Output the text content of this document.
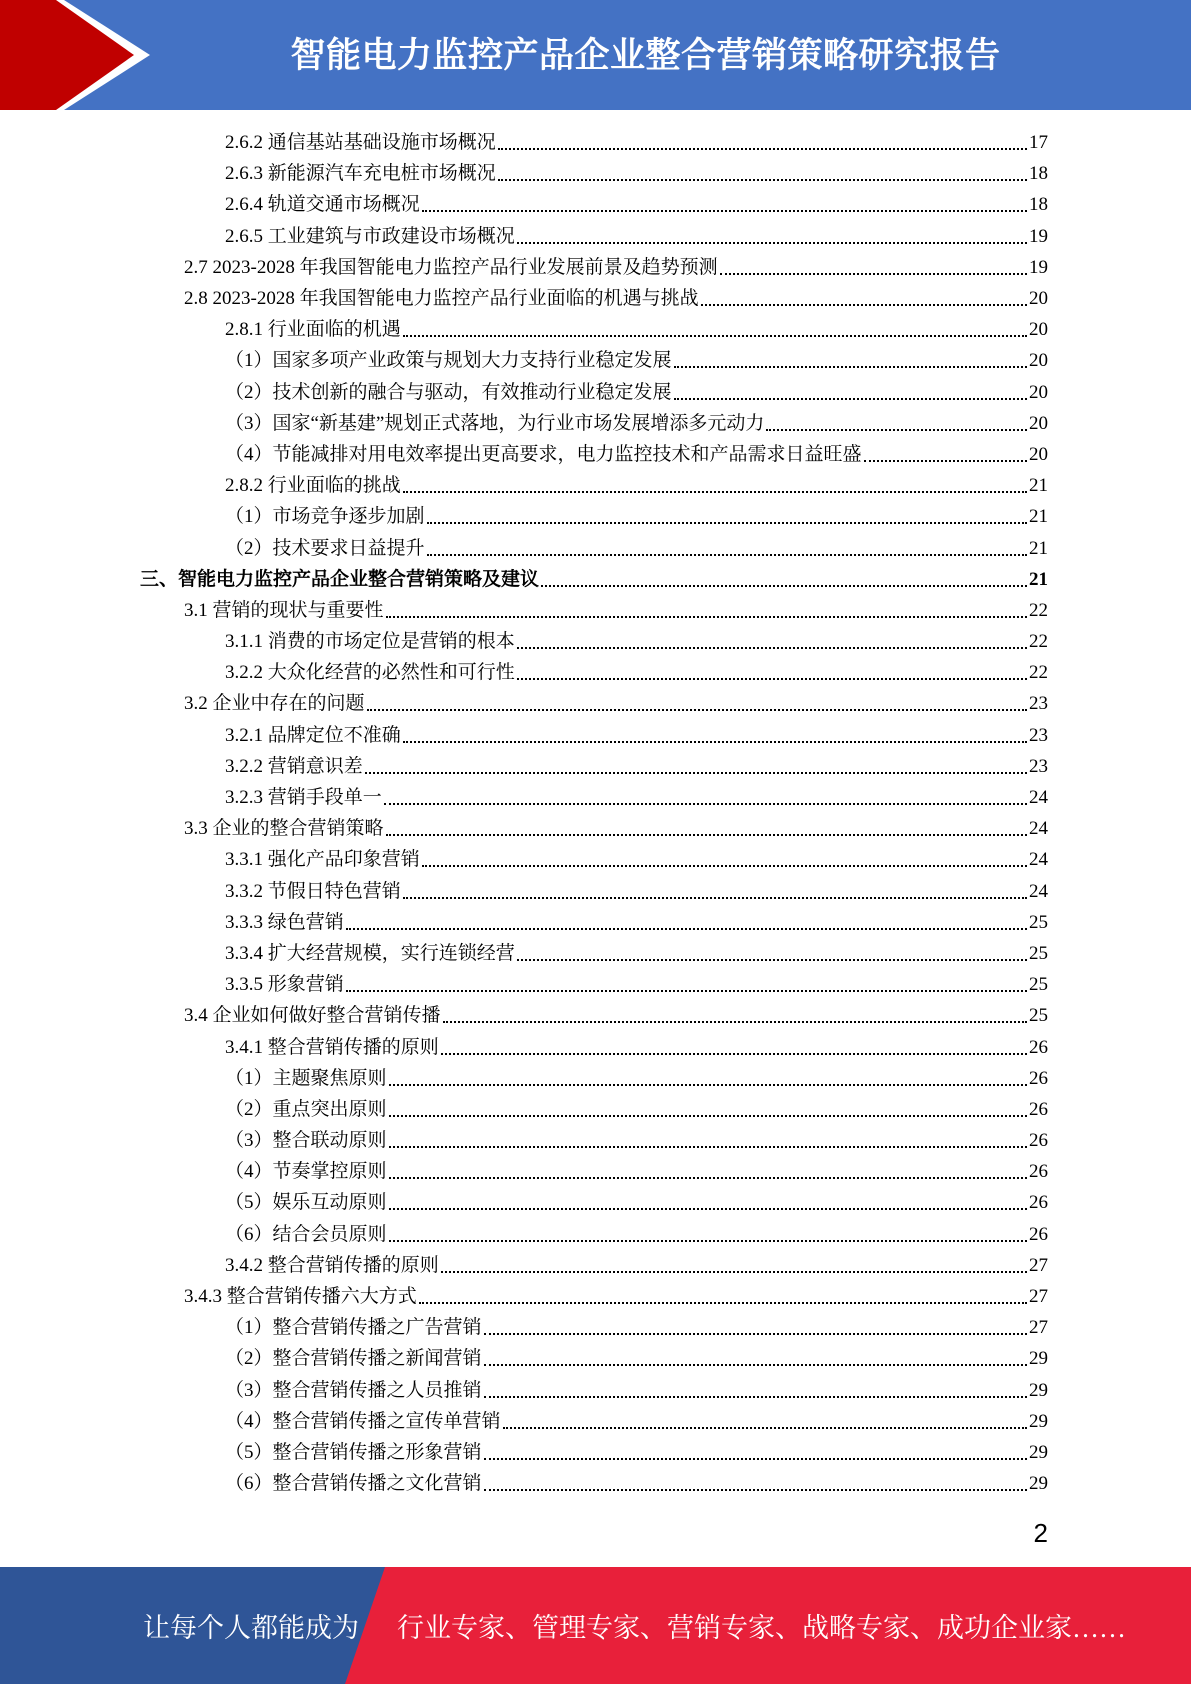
智能电力监控产品企业整合营销策略研究报告
2.6.2 通信基站基础设施市场概况	17
2.6.3 新能源汽车充电桩市场概况	18
2.6.4 轨道交通市场概况	18
2.6.5 工业建筑与市政建设市场概况	19
2.7 2023-2028 年我国智能电力监控产品行业发展前景及趋势预测	19
2.8 2023-2028 年我国智能电力监控产品行业面临的机遇与挑战	20
2.8.1 行业面临的机遇	20
（1）国家多项产业政策与规划大力支持行业稳定发展	20
（2）技术创新的融合与驱动，有效推动行业稳定发展	20
（3）国家“新基建”规划正式落地，为行业市场发展增添多元动力	20
（4）节能减排对用电效率提出更高要求，电力监控技术和产品需求日益旺盛	20
2.8.2 行业面临的挑战	21
（1）市场竞争逐步加剧	21
（2）技术要求日益提升	21
三、智能电力监控产品企业整合营销策略及建议	21
3.1 营销的现状与重要性	22
3.1.1 消费的市场定位是营销的根本	22
3.2.2 大众化经营的必然性和可行性	22
3.2 企业中存在的问题	23
3.2.1 品牌定位不准确	23
3.2.2 营销意识差	23
3.2.3 营销手段单一	24
3.3 企业的整合营销策略	24
3.3.1 强化产品印象营销	24
3.3.2 节假日特色营销	24
3.3.3 绿色营销	25
3.3.4 扩大经营规模，实行连锁经营	25
3.3.5 形象营销	25
3.4 企业如何做好整合营销传播	25
3.4.1 整合营销传播的原则	26
（1）主题聚焦原则	26
（2）重点突出原则	26
（3）整合联动原则	26
（4）节奏掌控原则	26
（5）娱乐互动原则	26
（6）结合会员原则	26
3.4.2 整合营销传播的原则	27
3.4.3 整合营销传播六大方式	27
（1）整合营销传播之广告营销	27
（2）整合营销传播之新闻营销	29
（3）整合营销传播之人员推销	29
（4）整合营销传播之宣传单营销	29
（5）整合营销传播之形象营销	29
（6）整合营销传播之文化营销	29
2
让每个人都能成为 行业专家、管理专家、营销专家、战略专家、成功企业家……
